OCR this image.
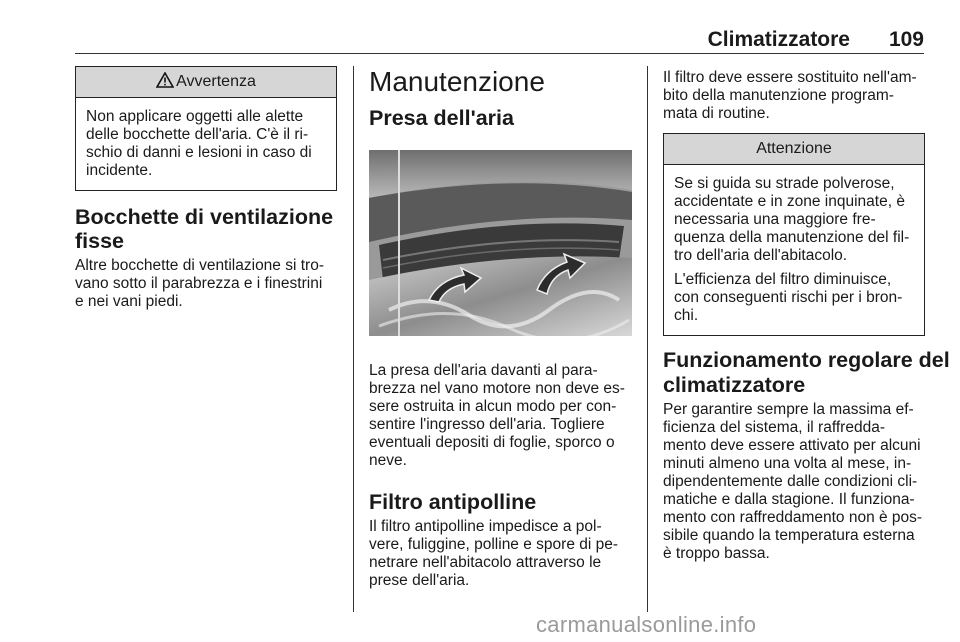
Climatizzatore 109
Avvertenza

Non applicare oggetti alle alette
delle bocchette dell'aria. C'è il ri-
schio di danni e lesioni in caso di
incidente.

Bocchette di ventilazione
fisse

Altre bocchette di ventilazione si tro-
vano sotto il parabrezza e i finestrini
e nei vani piedi.

Manutenzione
Presa dell'aria

La presa dell'aria davanti al para-
brezza nel vano motore non deve es-
sere ostruita in alcun modo per con-
sentire l'ingresso dell'aria. Togliere
eventuali depositi di foglie, sporco o
neve.

Filtro antipolline

Il filtro antipolline impedisce a pol-
vere, fuliggine, polline e spore di pe-
netrare nell'abitacolo attraverso le
prese dell'aria.

Il filtro deve essere sostituito nell'am-
bito della manutenzione program-
mata di routine.

Attenzione

Se si guida su strade polverose,
accidentate e in zone inquinate, è
necessaria una maggiore fre-
quenza della manutenzione del fil-
tro dell'aria dell'abitacolo.

L'efficienza del filtro diminuisce,
con conseguenti rischi per i bron-
chi.

Funzionamento regolare del
climatizzatore

Per garantire sempre la massima ef-
ficienza del sistema, il raffredda-
mento deve essere attivato per alcuni
minuti almeno una volta al mese, in-
dipendentemente dalle condizioni cli-
matiche e dalla stagione. Il funziona-
mento con raffreddamento non è pos-
sibile quando la temperatura esterna
è troppo bassa.

carmanualsonline.info
